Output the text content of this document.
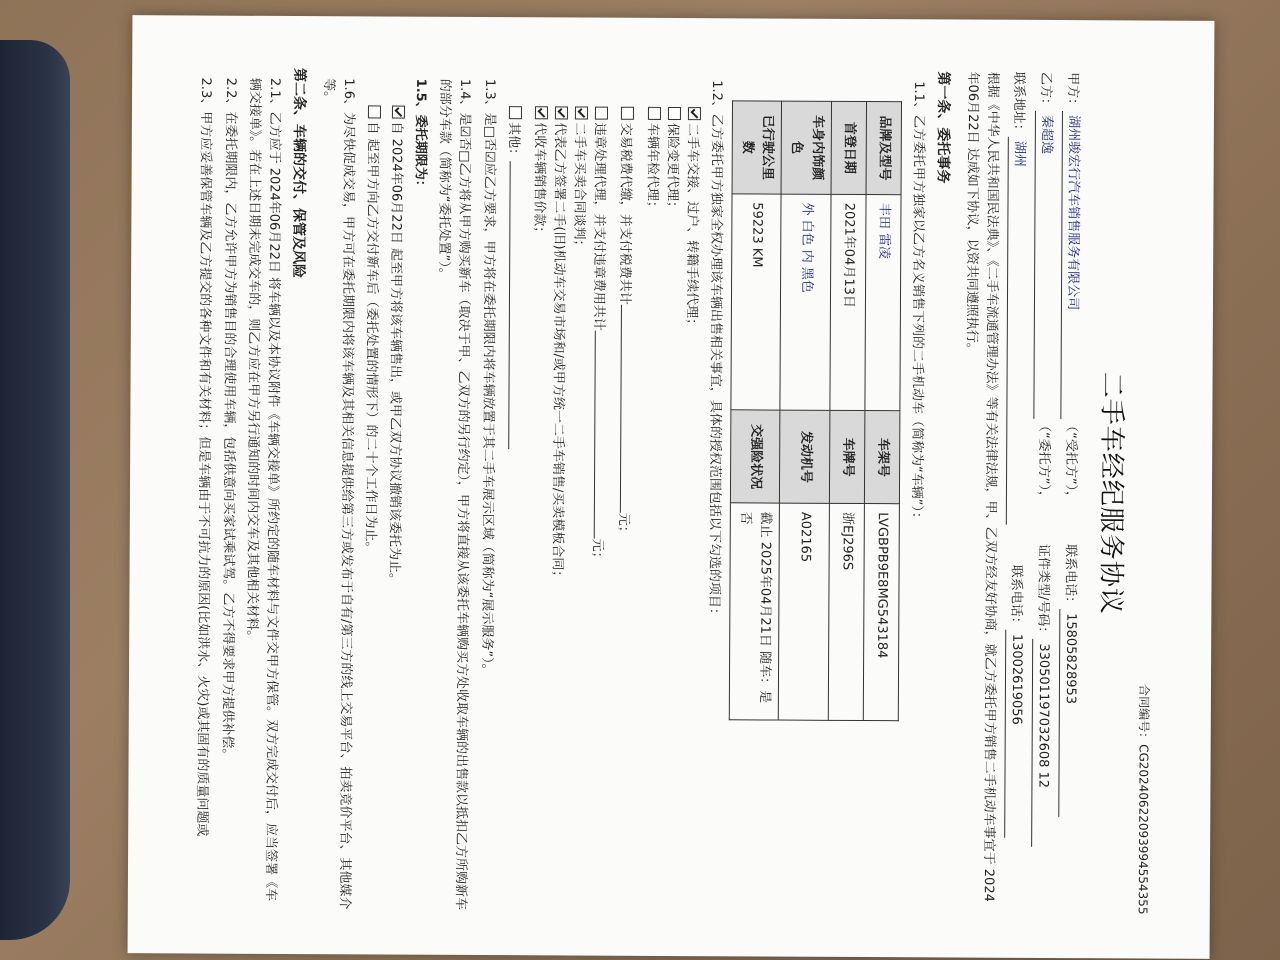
合同编号：CG20240622093994554355
二手车经纪服务协议
甲方：
湖州骏宏行汽车销售服务有限公司
（“受托方”），
联系电话：
15805828953
乙方：
秦超逸
（“委托方”），
证件类型/号码：
330501197032608 12
联系地址：
湖州
联系电话：
13002619056
根据《中华人民共和国民法典》、《二手车流通管理办法》等有关法律法规，甲、乙双方经友好协商，就乙方委托甲方销售二手机动车事宜于 2024年06月22日 达成如下协议，以资共同遵照执行。
第一条、委托事务
1.1、乙方委托甲方独家以乙方名义销售下列的二手机动车（简称为“车辆”）：
品牌及型号	丰田 雷凌	车架号	LVGBPB9E8MG543184
首登日期	2021年04月13日	车牌号	浙EJ296S
车身内饰颜色	外 白色 内 黑色	发动机号	A02165
已行驶公里数	59223 KM	交强险状况	截止 2025年04月21日 随车：是 否
1.2、乙方委托甲方独家全权办理该车辆出售相关事宜，具体的授权范围包括以下勾选的项目：
二手车交接、过户、转籍手续代理；
保险变更代理；
车辆年检代理；
交易税费代缴，并支付税费共计元；
违章处理代理，并支付违章费用共计元；
二手车买卖合同谈判；
代表乙方签署二手(旧)机动车交易市场和/或甲方统一二手车销售/买卖模板合同；
代收车辆销售价款；
其他：
1.3、是□否☑应乙方要求，甲方将在委托期限内将车辆放置于其二手车展示区域（简称为“展示服务”）。
1.4、是☑否□乙方将从甲方购买新车（取决于甲、乙双方的另行约定），甲方将直接从该委托车辆购买方处收取车辆的出售款以抵扣乙方所购新车的部分车款（简称为“委托处置”）。
1.5、委托期限为：
自 2024年06月22日 起至甲方将该车辆售出，或甲乙双方协议撤销该委托为止。
自 起至甲方向乙方交付新车后（委托处置的情形下）的二十个工作日为止。
1.6、为尽快促成交易，甲方可在委托期限内将该车辆及其相关信息提供给第三方或发布于自有/第三方的线上交易平台、拍卖竞价平台、其他媒介等。
第二条、车辆的交付、保管及风险
2.1、乙方应于 2024年06月22日 将车辆以及本协议附件《车辆交接单》所约定的随车材料与文件交甲方保管。双方完成交付后，应当签署《车辆交接单》。若在上述日期未完成交车的，则乙方应在甲方另行通知的时间内交车及其他相关材料。
2.2、在委托期限内，乙方允许甲方为销售目的合理使用车辆，包括供意向买家试乘试驾。乙方不得要求甲方提供补偿。
2.3、甲方应妥善保管车辆及乙方提交的各种文件和有关材料；但是车辆由于不可抗力的原因(比如洪水、火灾)或其固有的质量问题或
